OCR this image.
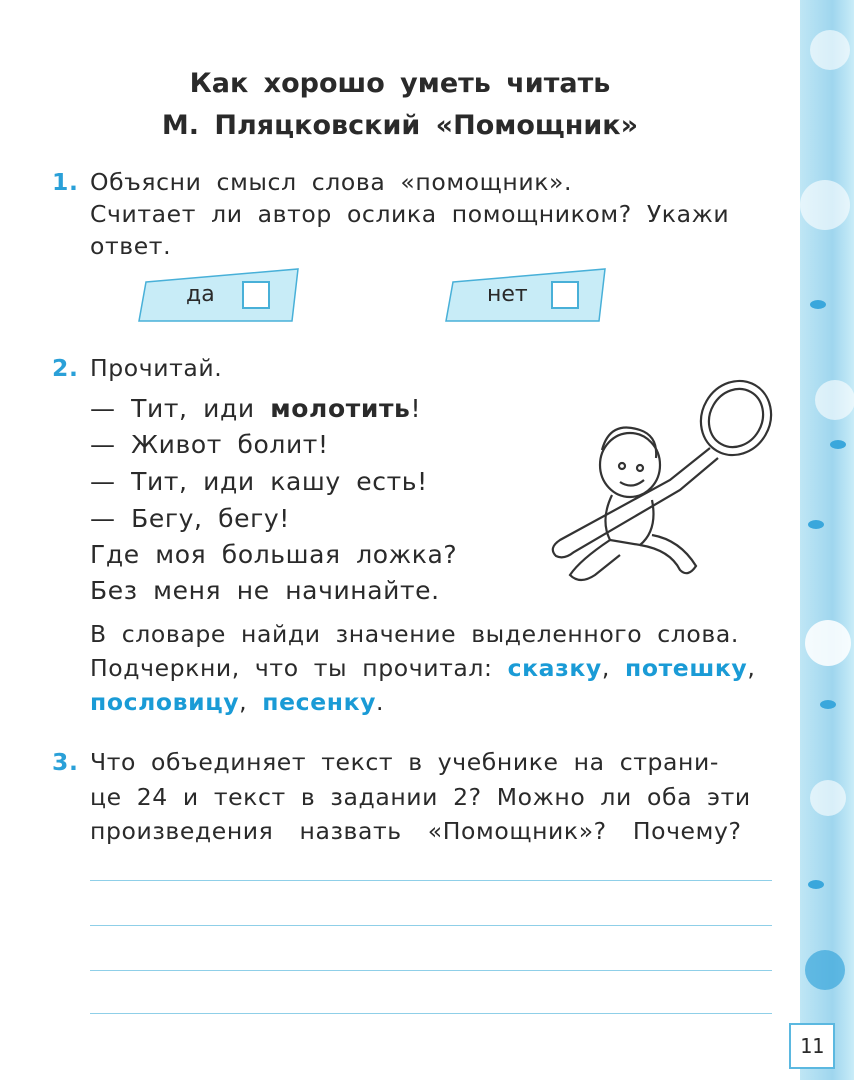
Как хорошо уметь читать
М. Пляцковский «Помощник»
1. Объясни смысл слова «помощник».
Считает ли автор ослика помощником? Укажи
ответ.
да	нет
2. Прочитай.
— Тит, иди молотить!
— Живот болит!
— Тит, иди кашу есть!
— Бегу, бегу!
Где моя большая ложка?
Без меня не начинайте.
В словаре найди значение выделенного слова.
Подчеркни, что ты прочитал: сказку, потешку,
пословицу, песенку.
3. Что объединяет текст в учебнике на страни-
це 24 и текст в задании 2? Можно ли оба эти
произведения назвать «Помощник»? Почему?
11
